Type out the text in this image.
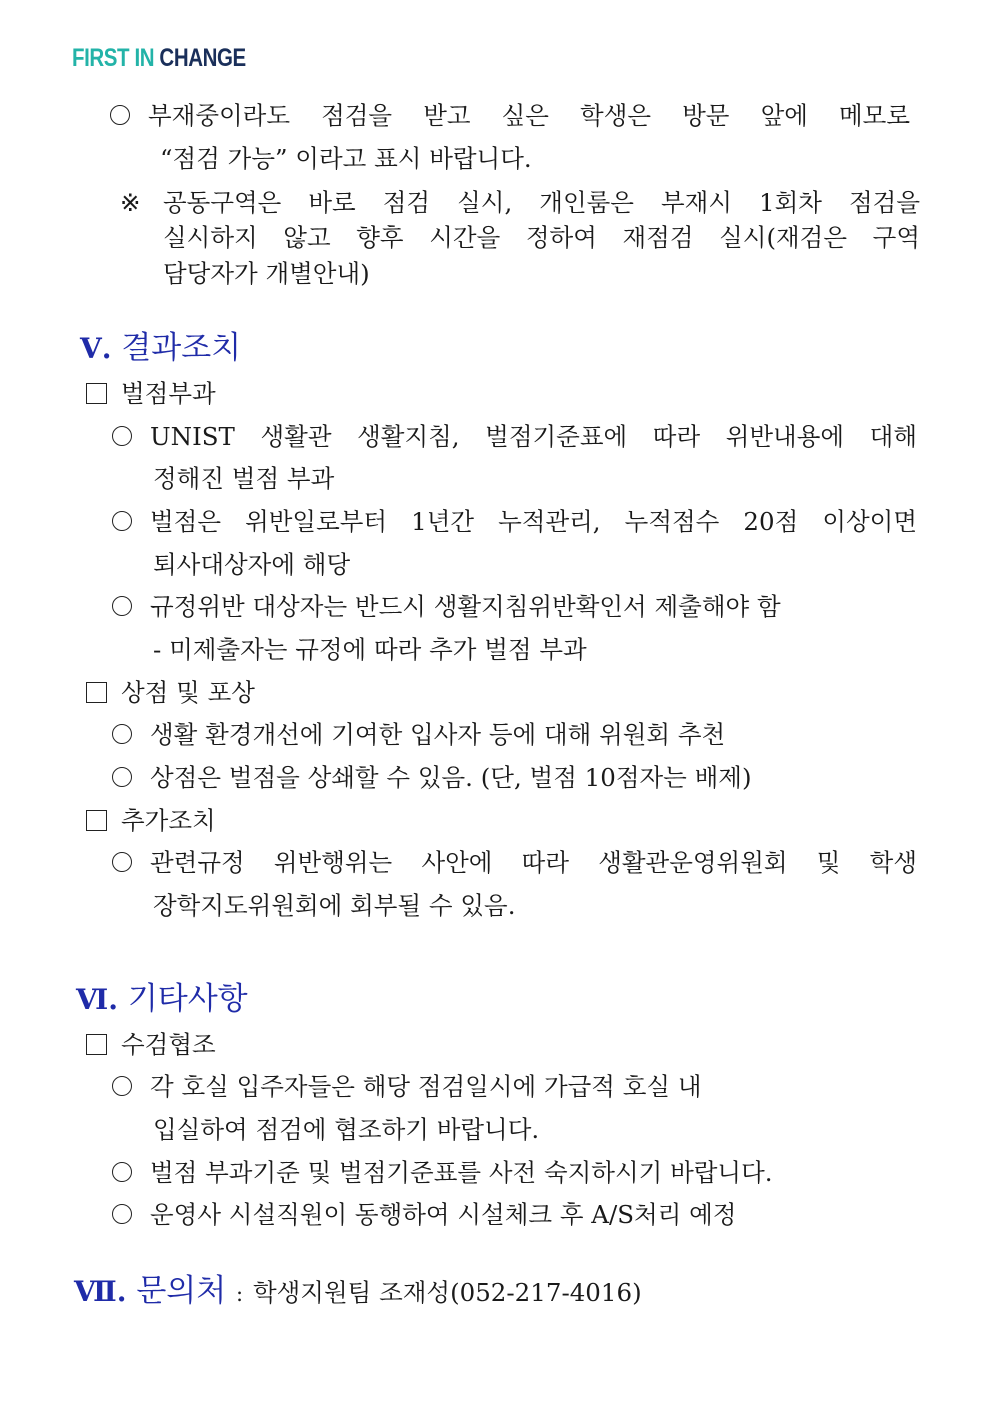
FIRST IN CHANGE
부재중이라도 점검을 받고 싶은 학생은 방문 앞에 메모로
“점검 가능” 이라고 표시 바랍니다.
※ 공동구역은 바로 점검 실시, 개인룸은 부재시 1회차 점검을
실시하지 않고 향후 시간을 정하여 재점검 실시(재검은 구역
담당자가 개별안내)
Ⅴ. 결과조치
벌점부과
UNIST 생활관 생활지침, 벌점기준표에 따라 위반내용에 대해
정해진 벌점 부과
벌점은 위반일로부터 1년간 누적관리, 누적점수 20점 이상이면
퇴사대상자에 해당
규정위반 대상자는 반드시 생활지침위반확인서 제출해야 함
- 미제출자는 규정에 따라 추가 벌점 부과
상점 및 포상
생활 환경개선에 기여한 입사자 등에 대해 위원회 추천
상점은 벌점을 상쇄할 수 있음. (단, 벌점 10점자는 배제)
추가조치
관련규정 위반행위는 사안에 따라 생활관운영위원회 및 학생
장학지도위원회에 회부될 수 있음.
Ⅵ. 기타사항
수검협조
각 호실 입주자들은 해당 점검일시에 가급적 호실 내
입실하여 점검에 협조하기 바랍니다.
벌점 부과기준 및 벌점기준표를 사전 숙지하시기 바랍니다.
운영사 시설직원이 동행하여 시설체크 후 A/S처리 예정
Ⅶ. 문의처 : 학생지원팀 조재성(052-217-4016)
